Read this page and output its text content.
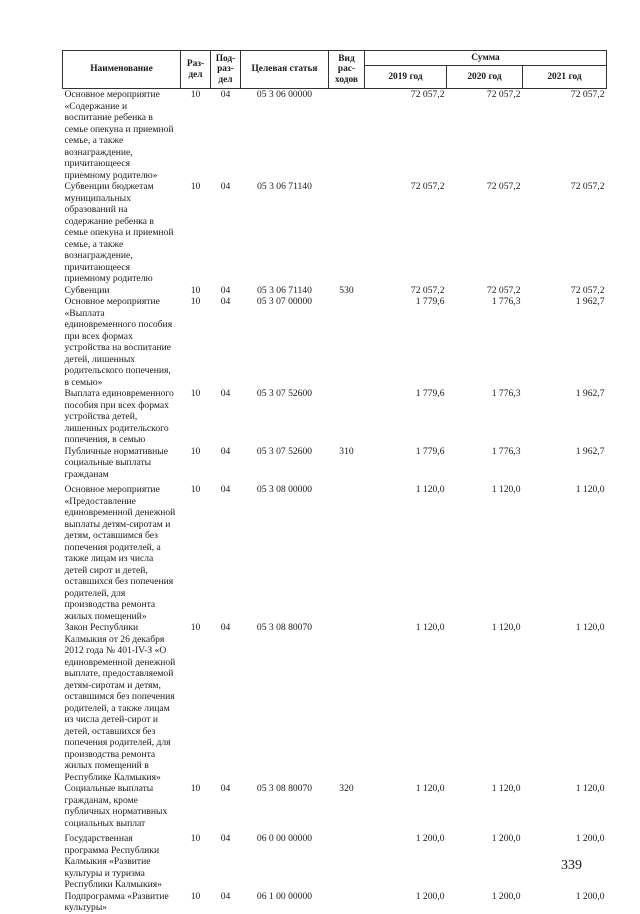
Наименование	Раз-дел	Под-раз-дел	Целевая статья	Вид рас-ходов	Сумма		
					2019 год	2020 год	2021 год
Основное мероприятие «Содержание и воспитание ребенка в семье опекуна и приемной семье, а также вознаграждение, причитающееся приемному родителю»	10	04	05 3 06 00000		72 057,2	72 057,2	72 057,2
Субвенции бюджетам муниципальных образований на содержание ребенка в семье опекуна и приемной семье, а также вознаграждение, причитающееся приемному родителю	10	04	05 3 06 71140		72 057,2	72 057,2	72 057,2
Субвенции	10	04	05 3 06 71140	530	72 057,2	72 057,2	72 057,2
Основное мероприятие «Выплата единовременного пособия при всех формах устройства на воспитание детей, лишенных родительского попечения, в семью»	10	04	05 3 07 00000		1 779,6	1 776,3	1 962,7
Выплата единовременного пособия при всех формах устройства детей, лишенных родительского попечения, в семью	10	04	05 3 07 52600		1 779,6	1 776,3	1 962,7
Публичные нормативные социальные выплаты гражданам	10	04	05 3 07 52600	310	1 779,6	1 776,3	1 962,7
Основное мероприятие «Предоставление единовременной денежной выплаты детям-сиротам и детям, оставшимся без попечения родителей, а также лицам из числа детей сирот и детей, оставшихся без попечения родителей, для производства ремонта жилых помещений»	10	04	05 3 08 00000		1 120,0	1 120,0	1 120,0
Закон Республики Калмыкия от 26 декабря 2012 года № 401-IV-З «О единовременной денежной выплате, предоставляемой детям-сиротам и детям, оставшимся без попечения родителей, а также лицам из числа детей-сирот и детей, оставшихся без попечения родителей, для производства ремонта жилых помещений в Республике Калмыкия»	10	04	05 3 08 80070		1 120,0	1 120,0	1 120,0
Социальные выплаты гражданам, кроме публичных нормативных социальных выплат	10	04	05 3 08 80070	320	1 120,0	1 120,0	1 120,0
Государственная программа Республики Калмыкия «Развитие культуры и туризма Республики Калмыкия»	10	04	06 0 00 00000		1 200,0	1 200,0	1 200,0
Подпрограмма «Развитие культуры»	10	04	06 1 00 00000		1 200,0	1 200,0	1 200,0
339
